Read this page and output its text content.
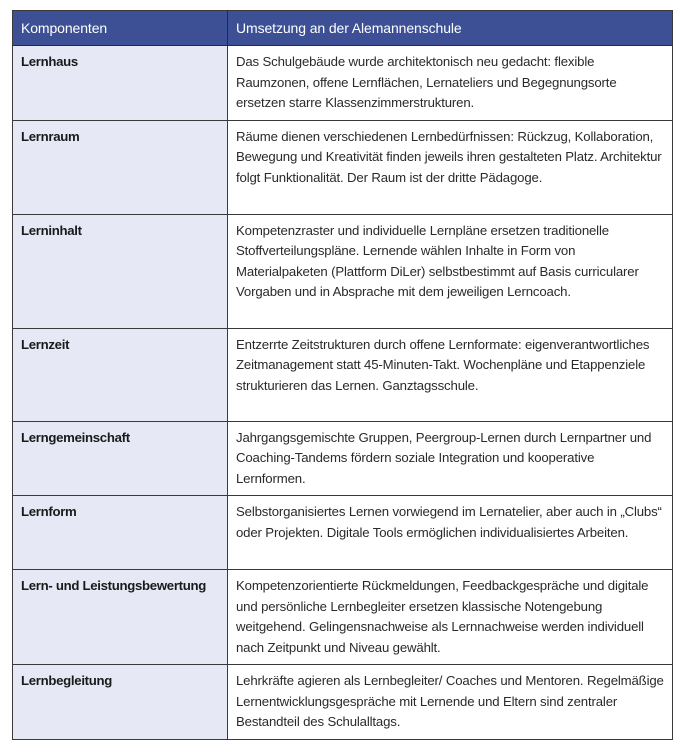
Komponenten	Umsetzung an der Alemannenschule
Lernhaus	Das Schulgebäude wurde architektonisch neu gedacht: flexible Raumzonen, offene Lernflächen, Lernateliers und Begegnungsorte ersetzen starre Klassenzimmerstrukturen.
Lernraum	Räume dienen verschiedenen Lernbedürfnissen: Rückzug, Kollaboration, Bewegung und Kreativität finden jeweils ihren gestalteten Platz. Architektur folgt Funktionalität. Der Raum ist der dritte Pädagoge.
Lerninhalt	Kompetenzraster und individuelle Lernpläne ersetzen traditionelle Stoffverteilungspläne. Lernende wählen Inhalte in Form von Materialpaketen (Plattform DiLer) selbstbestimmt auf Basis curricularer Vorgaben und in Absprache mit dem jeweiligen Lerncoach.
Lernzeit	Entzerrte Zeitstrukturen durch offene Lernformate: eigenverantwortliches Zeitmanagement statt 45-Minuten-Takt. Wochenpläne und Etappenziele strukturieren das Lernen. Ganztagsschule.
Lerngemeinschaft	Jahrgangsgemischte Gruppen, Peergroup-Lernen durch Lernpartner und Coaching-Tandems fördern soziale Integration und kooperative Lernformen.
Lernform	Selbstorganisiertes Lernen vorwiegend im Lernatelier, aber auch in „Clubs“ oder Projekten. Digitale Tools ermöglichen individualisiertes Arbeiten.
Lern- und Leistungsbewertung	Kompetenzorientierte Rückmeldungen, Feedbackgespräche und digitale und persönliche Lernbegleiter ersetzen klassische Notengebung weitgehend. Gelingensnachweise als Lernnachweise werden individuell nach Zeitpunkt und Niveau gewählt.
Lernbegleitung	Lehrkräfte agieren als Lernbegleiter/ Coaches und Mentoren. Regelmäßige Lernentwicklungsgespräche mit Lernende und Eltern sind zentraler Bestandteil des Schulalltags.
